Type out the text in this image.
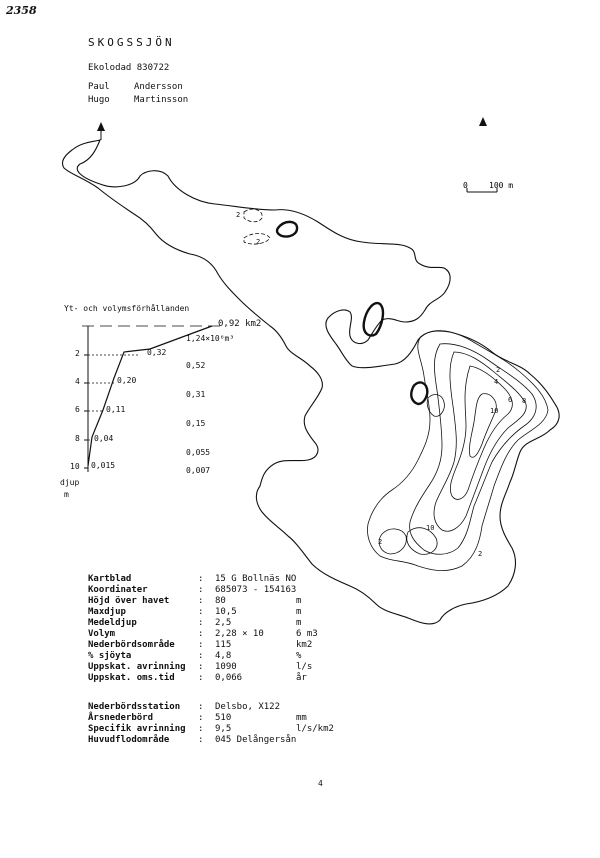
2358
SKOGSSJÖN
Ekolodad 830722
Paul	Andersson
Hugo	Martinsson
0	100 m
2
4
6 8
10
10
2
2
2
2
Yt- och volymsförhållanden
2
4
6
8
10
djup
m
0,92 km2
0,32
0,20
0,11
0,04
0,015
1,24×10⁶m³
0,52
0,31
0,15
0,055
0,007
Kartblad	: 15 G Bollnäs NO
Koordinater	: 685073 - 154163
Höjd över havet	: 80	m
Maxdjup	: 10,5	m
Medeldjup	: 2,5	m
Volym	: 2,28 × 10	6 m3
Nederbördsområde	: 115	km2
% sjöyta	: 4,8	%
Uppskat. avrinning : 1090	l/s
Uppskat. oms.tid	: 0,066	år
Nederbördsstation : Delsbo, X122
Årsnederbörd	: 510	mm
Specifik avrinning : 9,5	l/s/km2
Huvudflodområde	: 045 Delångersån
4
